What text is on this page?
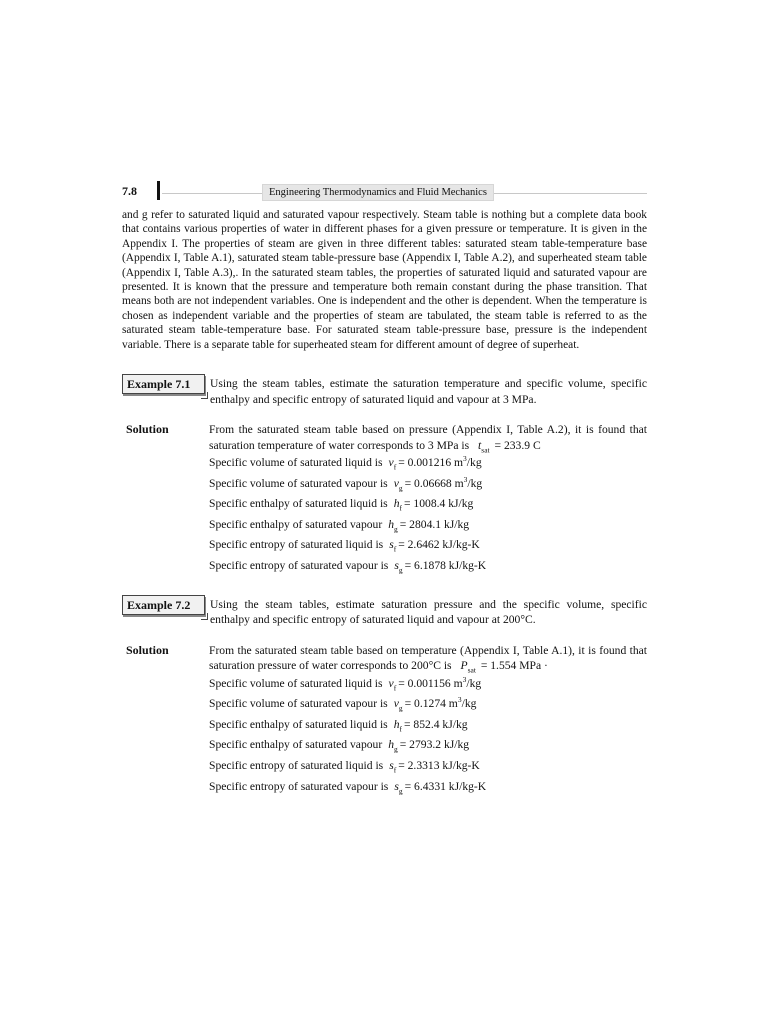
7.8	Engineering Thermodynamics and Fluid Mechanics

and g refer to saturated liquid and saturated vapour respectively. Steam table is nothing but a complete data book that contains various properties of water in different phases for a given pressure or temperature. It is given in the Appendix I. The properties of steam are given in three different tables: saturated steam table-temperature base (Appendix I, Table A.1), saturated steam table-pressure base (Appendix I, Table A.2), and superheated steam table (Appendix I, Table A.3),. In the saturated steam tables, the properties of saturated liquid and saturated vapour are presented. It is known that the pressure and temperature both remain constant during the phase transition. That means both are not independent variables. One is independent and the other is dependent. When the temperature is chosen as independent variable and the properties of steam are tabulated, the steam table is referred to as the saturated steam table-temperature base. For saturated steam table-pressure base, pressure is the independent variable. There is a separate table for superheated steam for different amount of degree of superheat.

Example 7.1	Using the steam tables, estimate the saturation temperature and specific volume, specific enthalpy and specific entropy of saturated liquid and vapour at 3 MPa.
Solution	From the saturated steam table based on pressure (Appendix I, Table A.2), it is found that saturation temperature of water corresponds to 3 MPa is $t_{sat} = 233.9$ C

Specific volume of saturated liquid is $v_f = 0.001216$ $m^3/kg$
Specific volume of saturated vapour is $v_g = 0.06668$ $m^3/kg$
Specific enthalpy of saturated liquid is $h_f = 1008.4$ kJ/kg
Specific enthalpy of saturated vapour $h_g = 2804.1$ kJ/kg
Specific entropy of saturated liquid is $s_f = 2.6462$ kJ/kg-K
Specific entropy of saturated vapour is $s_g = 6.1878$ kJ/kg-K
Example 7.2	Using the steam tables, estimate saturation pressure and the specific volume, specific enthalpy and specific entropy of saturated liquid and vapour at 200°C.
Solution	From the saturated steam table based on temperature (Appendix I, Table A.1), it is found that saturation pressure of water corresponds to 200°C is $P_{sat} = 1.554$ MPa ·

Specific volume of saturated liquid is $v_f = 0.001156$ $m^3/kg$
Specific volume of saturated vapour is $v_g = 0.1274$ $m^3/kg$
Specific enthalpy of saturated liquid is $h_f = 852.4$ kJ/kg
Specific enthalpy of saturated vapour $h_g = 2793.2$ kJ/kg
Specific entropy of saturated liquid is $s_f = 2.3313$ kJ/kg-K
Specific entropy of saturated vapour is $s_g = 6.4331$ kJ/kg-K
